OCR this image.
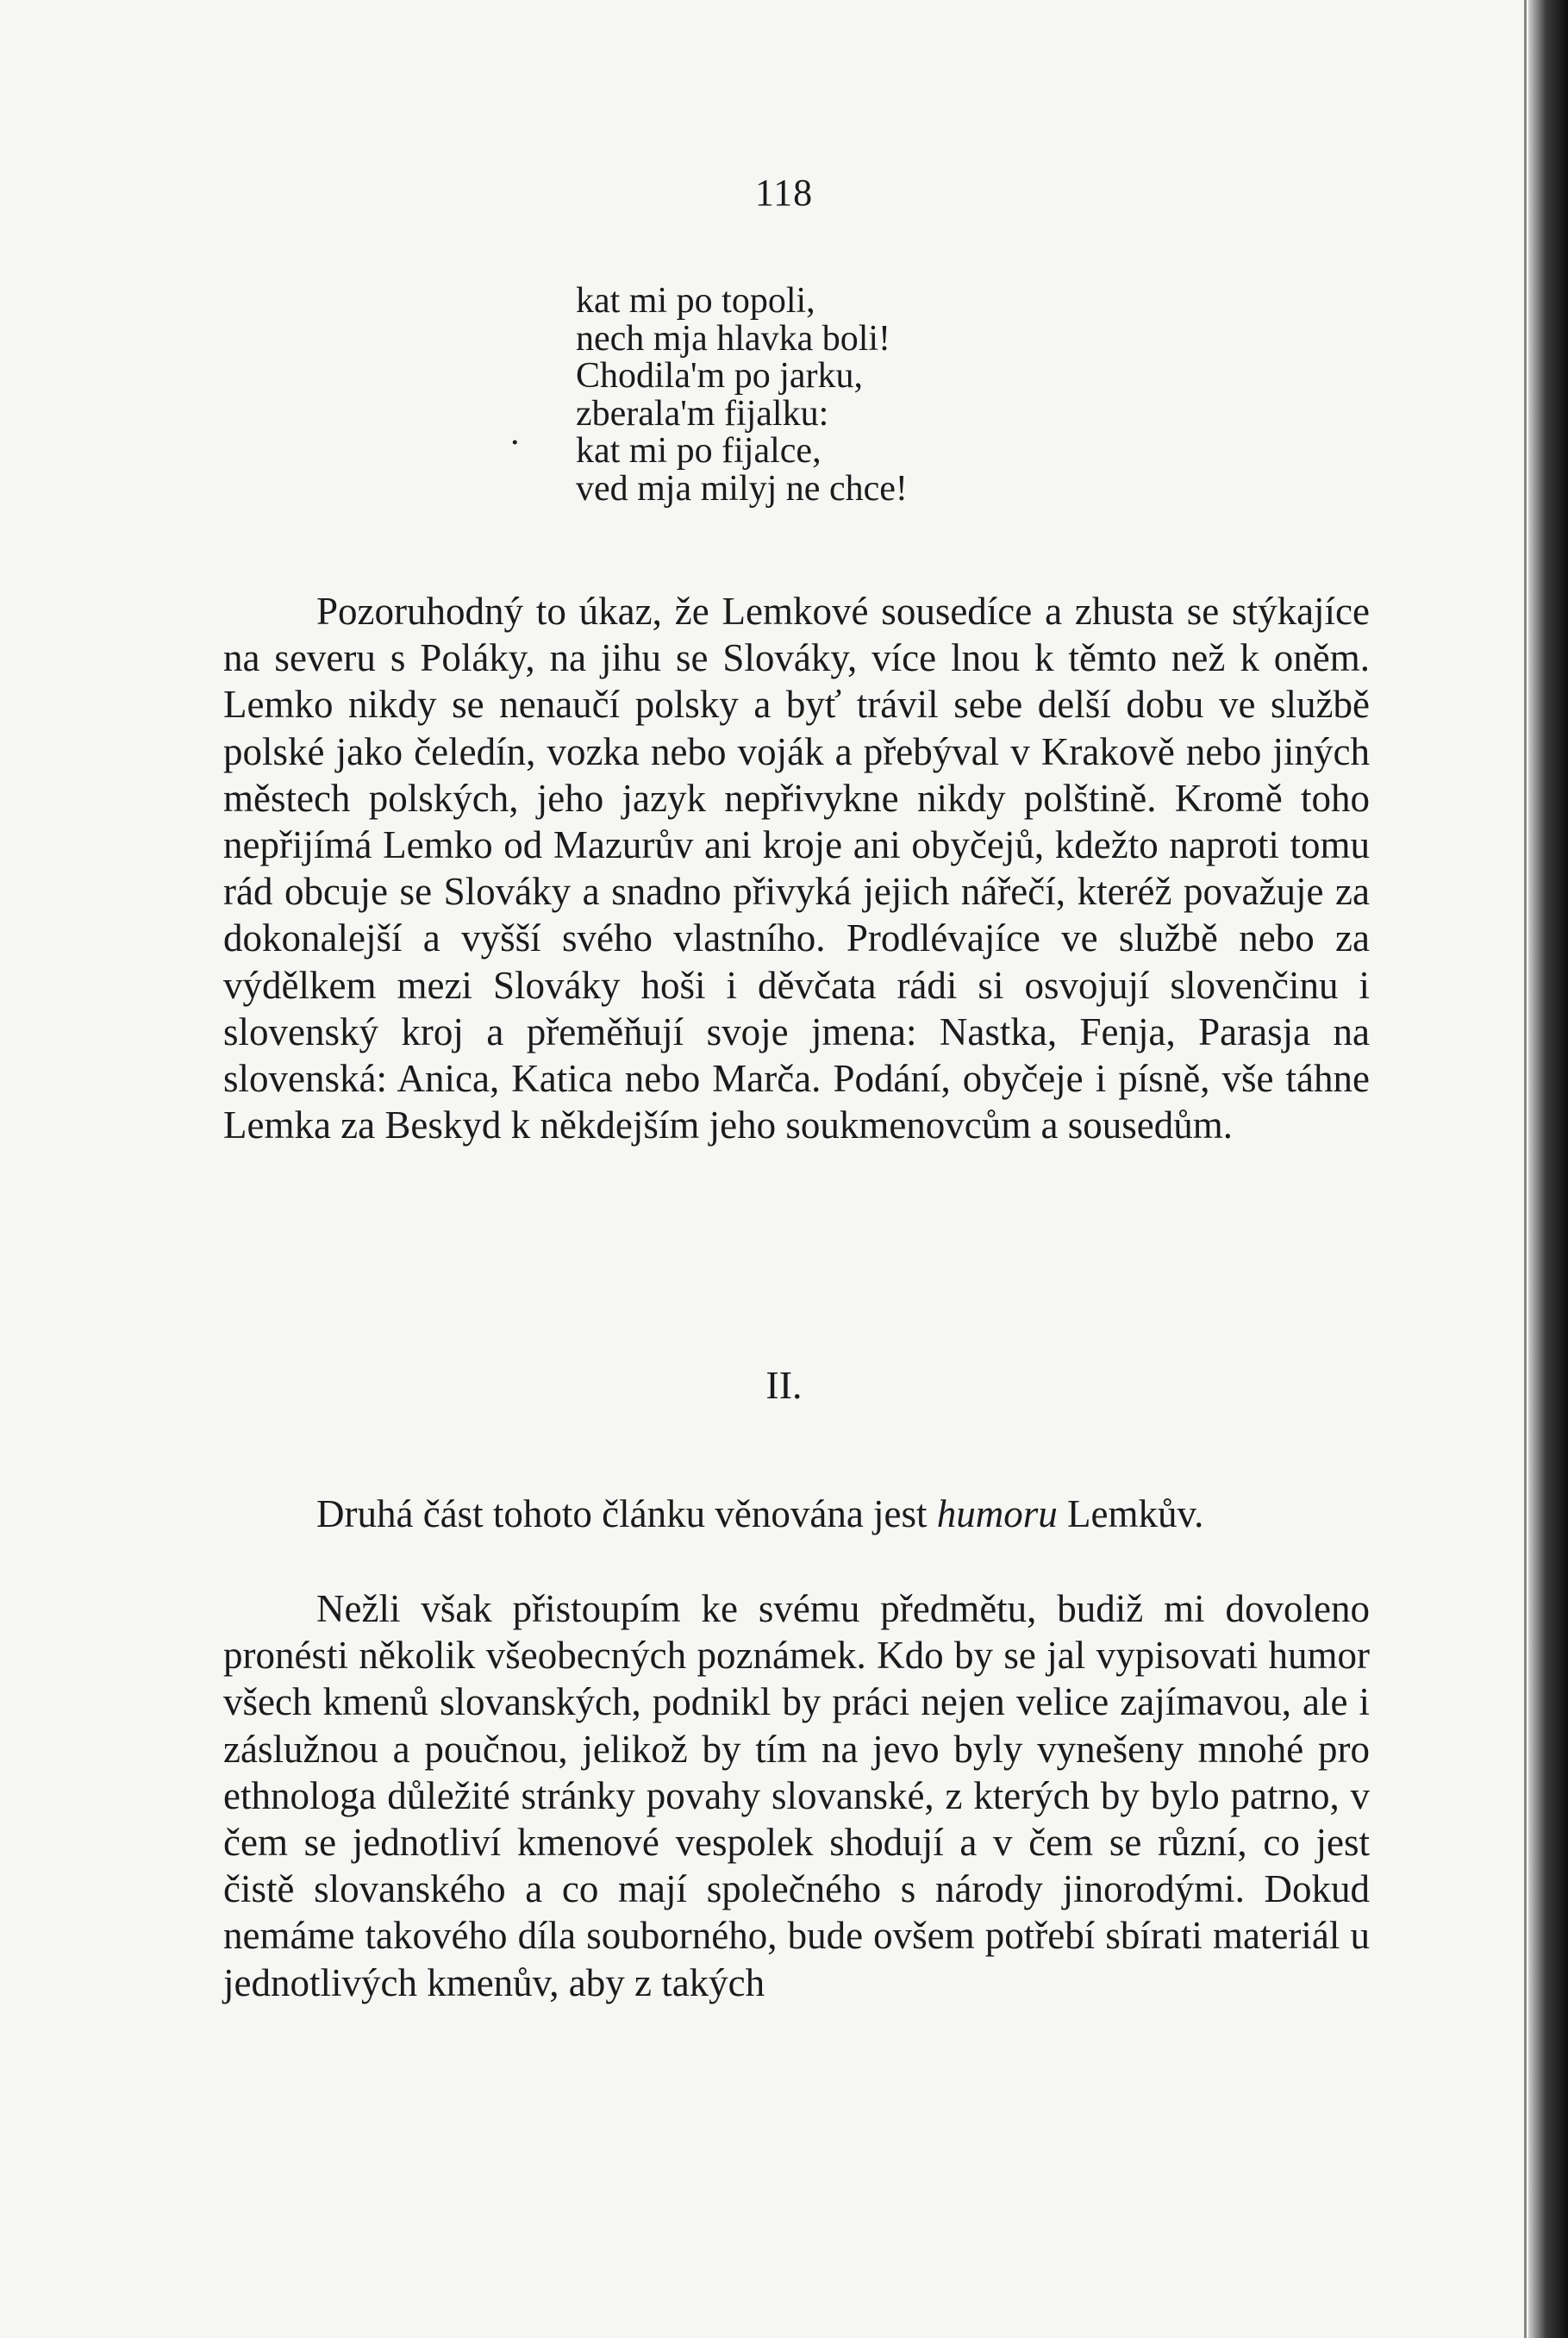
118
kat mi po topoli,
nech mja hlavka boli!
Chodila'm po jarku,
zberala'm fijalku:
kat mi po fijalce,
ved mja milyj ne chce!
.

Pozoruhodný to úkaz, že Lemkové sousedíce a zhusta se stýkajíce na severu s Poláky, na jihu se Slováky, více lnou k těmto než k oněm. Lemko nikdy se nenaučí polsky a byť trávil sebe delší dobu ve službě polské jako čeledín, vozka nebo voják a přebýval v Krakově nebo jiných městech polských, jeho jazyk nepřivykne nikdy polštině. Kromě toho nepřijímá Lemko od Mazurův ani kroje ani obyčejů, kdežto naproti tomu rád obcuje se Slováky a snadno přivyká jejich nářečí, kteréž považuje za dokonalejší a vyšší svého vlastního. Prodlévajíce ve službě nebo za výdělkem mezi Slováky hoši i děvčata rádi si osvojují slovenčinu i slovenský kroj a přeměňují svoje jmena: Nastka, Fenja, Parasja na slovenská: Anica, Katica nebo Marča. Podání, obyčeje i písně, vše táhne Lemka za Beskyd k někdejším jeho soukmenovcům a sousedům.

II.

Druhá část tohoto článku věnována jest humoru Lemkův.

Nežli však přistoupím ke svému předmětu, budiž mi dovoleno pronésti několik všeobecných poznámek. Kdo by se jal vypisovati humor všech kmenů slovanských, podnikl by práci nejen velice zajímavou, ale i záslužnou a poučnou, jelikož by tím na jevo byly vynešeny mnohé pro ethnologa důležité stránky povahy slovanské, z kterých by bylo patrno, v čem se jednotliví kmenové vespolek shodují a v čem se různí, co jest čistě slovanského a co mají společného s národy jinorodými. Dokud nemáme takového díla souborného, bude ovšem potřebí sbírati materiál u jednotlivých kmenův, aby z takých
